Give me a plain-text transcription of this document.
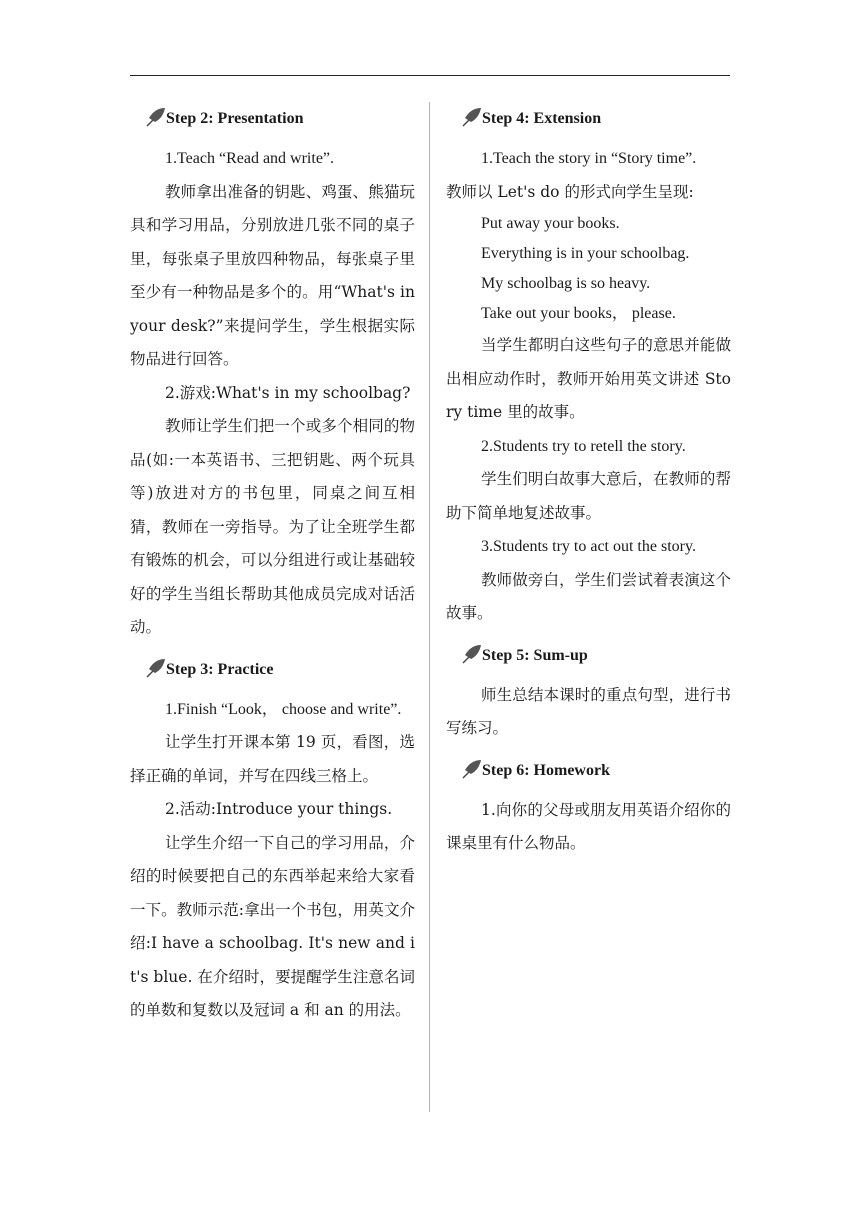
Step 2: Presentation

1.Teach “Read and write”.

教师拿出准备的钥匙、鸡蛋、熊猫玩具和学习用品，分别放进几张不同的桌子里，每张桌子里放四种物品，每张桌子里至少有一种物品是多个的。用“What's in your desk?”来提问学生，学生根据实际物品进行回答。

2.游戏:What's in my schoolbag?

教师让学生们把一个或多个相同的物品(如:一本英语书、三把钥匙、两个玩具等)放进对方的书包里，同桌之间互相猜，教师在一旁指导。为了让全班学生都有锻炼的机会，可以分组进行或让基础较好的学生当组长帮助其他成员完成对话活动。

Step 3: Practice

1.Finish “Look， choose and write”.

让学生打开课本第 19 页，看图，选择正确的单词，并写在四线三格上。

2.活动:Introduce your things.

让学生介绍一下自己的学习用品，介绍的时候要把自己的东西举起来给大家看一下。教师示范:拿出一个书包，用英文介绍:I have a schoolbag. It's new and it's blue. 在介绍时，要提醒学生注意名词的单数和复数以及冠词 a 和 an 的用法。

Step 4: Extension

1.Teach the story in “Story time”.

教师以 Let's do 的形式向学生呈现:

Put away your books.

Everything is in your schoolbag.

My schoolbag is so heavy.

Take out your books， please.

当学生都明白这些句子的意思并能做出相应动作时，教师开始用英文讲述 Story time 里的故事。

2.Students try to retell the story.

学生们明白故事大意后，在教师的帮助下简单地复述故事。

3.Students try to act out the story.

教师做旁白，学生们尝试着表演这个故事。

Step 5: Sum-up

师生总结本课时的重点句型，进行书写练习。

Step 6: Homework

1.向你的父母或朋友用英语介绍你的课桌里有什么物品。
